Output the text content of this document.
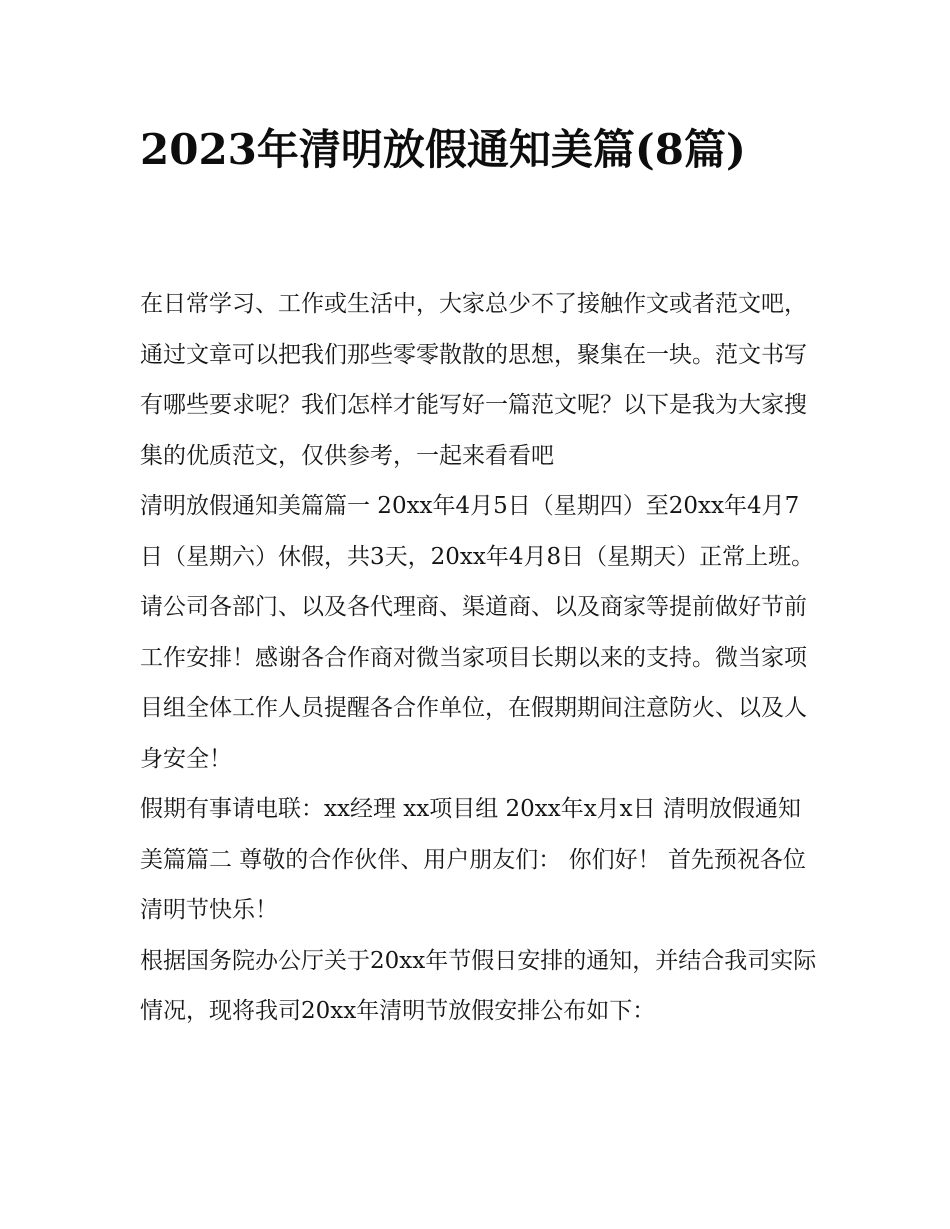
2023年清明放假通知美篇(8篇)

在日常学习、工作或生活中，大家总少不了接触作文或者范文吧，通过文章可以把我们那些零零散散的思想，聚集在一块。范文书写有哪些要求呢？我们怎样才能写好一篇范文呢？以下是我为大家搜集的优质范文，仅供参考，一起来看看吧

清明放假通知美篇篇一 20xx年4月5日（星期四）至20xx年4月7日（星期六）休假，共3天，20xx年4月8日（星期天）正常上班。

请公司各部门、以及各代理商、渠道商、以及商家等提前做好节前工作安排！感谢各合作商对微当家项目长期以来的支持。微当家项目组全体工作人员提醒各合作单位，在假期期间注意防火、以及人身安全！

假期有事请电联：xx经理 xx项目组 20xx年x月x日 清明放假通知美篇篇二 尊敬的合作伙伴、用户朋友们： 你们好！ 首先预祝各位清明节快乐！

根据国务院办公厅关于20xx年节假日安排的通知，并结合我司实际情况，现将我司20xx年清明节放假安排公布如下：
